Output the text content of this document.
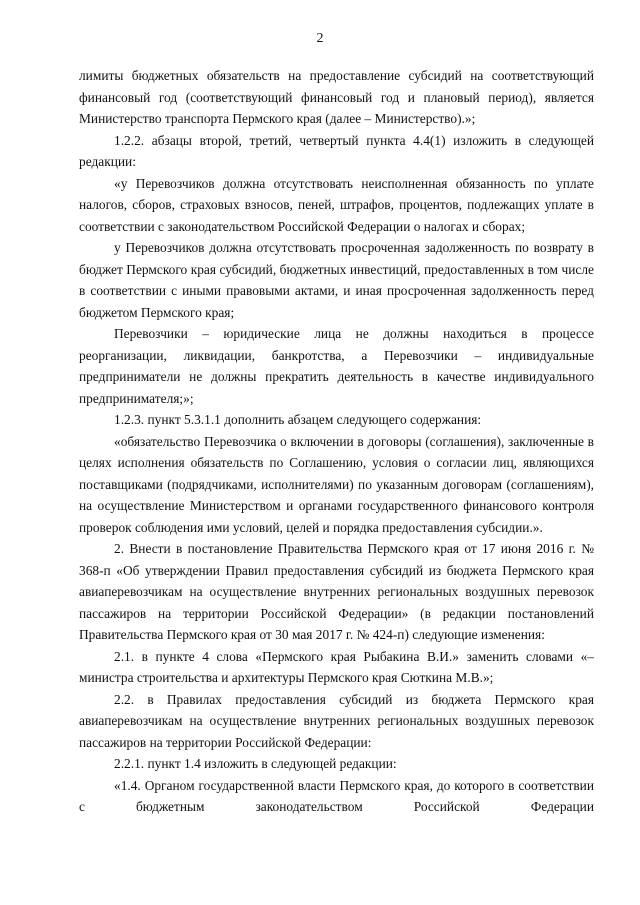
2

лимиты бюджетных обязательств на предоставление субсидий на соответствующий финансовый год (соответствующий финансовый год и плановый период), является Министерство транспорта Пермского края (далее – Министерство).»;

1.2.2. абзацы второй, третий, четвертый пункта 4.4(1) изложить в следующей редакции:

«у Перевозчиков должна отсутствовать неисполненная обязанность по уплате налогов, сборов, страховых взносов, пеней, штрафов, процентов, подлежащих уплате в соответствии с законодательством Российской Федерации о налогах и сборах;

у Перевозчиков должна отсутствовать просроченная задолженность по возврату в бюджет Пермского края субсидий, бюджетных инвестиций, предоставленных в том числе в соответствии с иными правовыми актами, и иная просроченная задолженность перед бюджетом Пермского края;

Перевозчики – юридические лица не должны находиться в процессе реорганизации, ликвидации, банкротства, а Перевозчики – индивидуальные предприниматели не должны прекратить деятельность в качестве индивидуального предпринимателя;»;

1.2.3. пункт 5.3.1.1 дополнить абзацем следующего содержания:

«обязательство Перевозчика о включении в договоры (соглашения), заключенные в целях исполнения обязательств по Соглашению, условия о согласии лиц, являющихся поставщиками (подрядчиками, исполнителями) по указанным договорам (соглашениям), на осуществление Министерством и органами государственного финансового контроля проверок соблюдения ими условий, целей и порядка предоставления субсидии.».

2. Внести в постановление Правительства Пермского края от 17 июня 2016 г. № 368-п «Об утверждении Правил предоставления субсидий из бюджета Пермского края авиаперевозчикам на осуществление внутренних региональных воздушных перевозок пассажиров на территории Российской Федерации» (в редакции постановлений Правительства Пермского края от 30 мая 2017 г. № 424-п) следующие изменения:

2.1. в пункте 4 слова «Пермского края Рыбакина В.И.» заменить словами «– министра строительства и архитектуры Пермского края Сюткина М.В.»;

2.2. в Правилах предоставления субсидий из бюджета Пермского края авиаперевозчикам на осуществление внутренних региональных воздушных перевозок пассажиров на территории Российской Федерации:

2.2.1. пункт 1.4 изложить в следующей редакции:

«1.4. Органом государственной власти Пермского края, до которого в соответствии с бюджетным законодательством Российской Федерации
